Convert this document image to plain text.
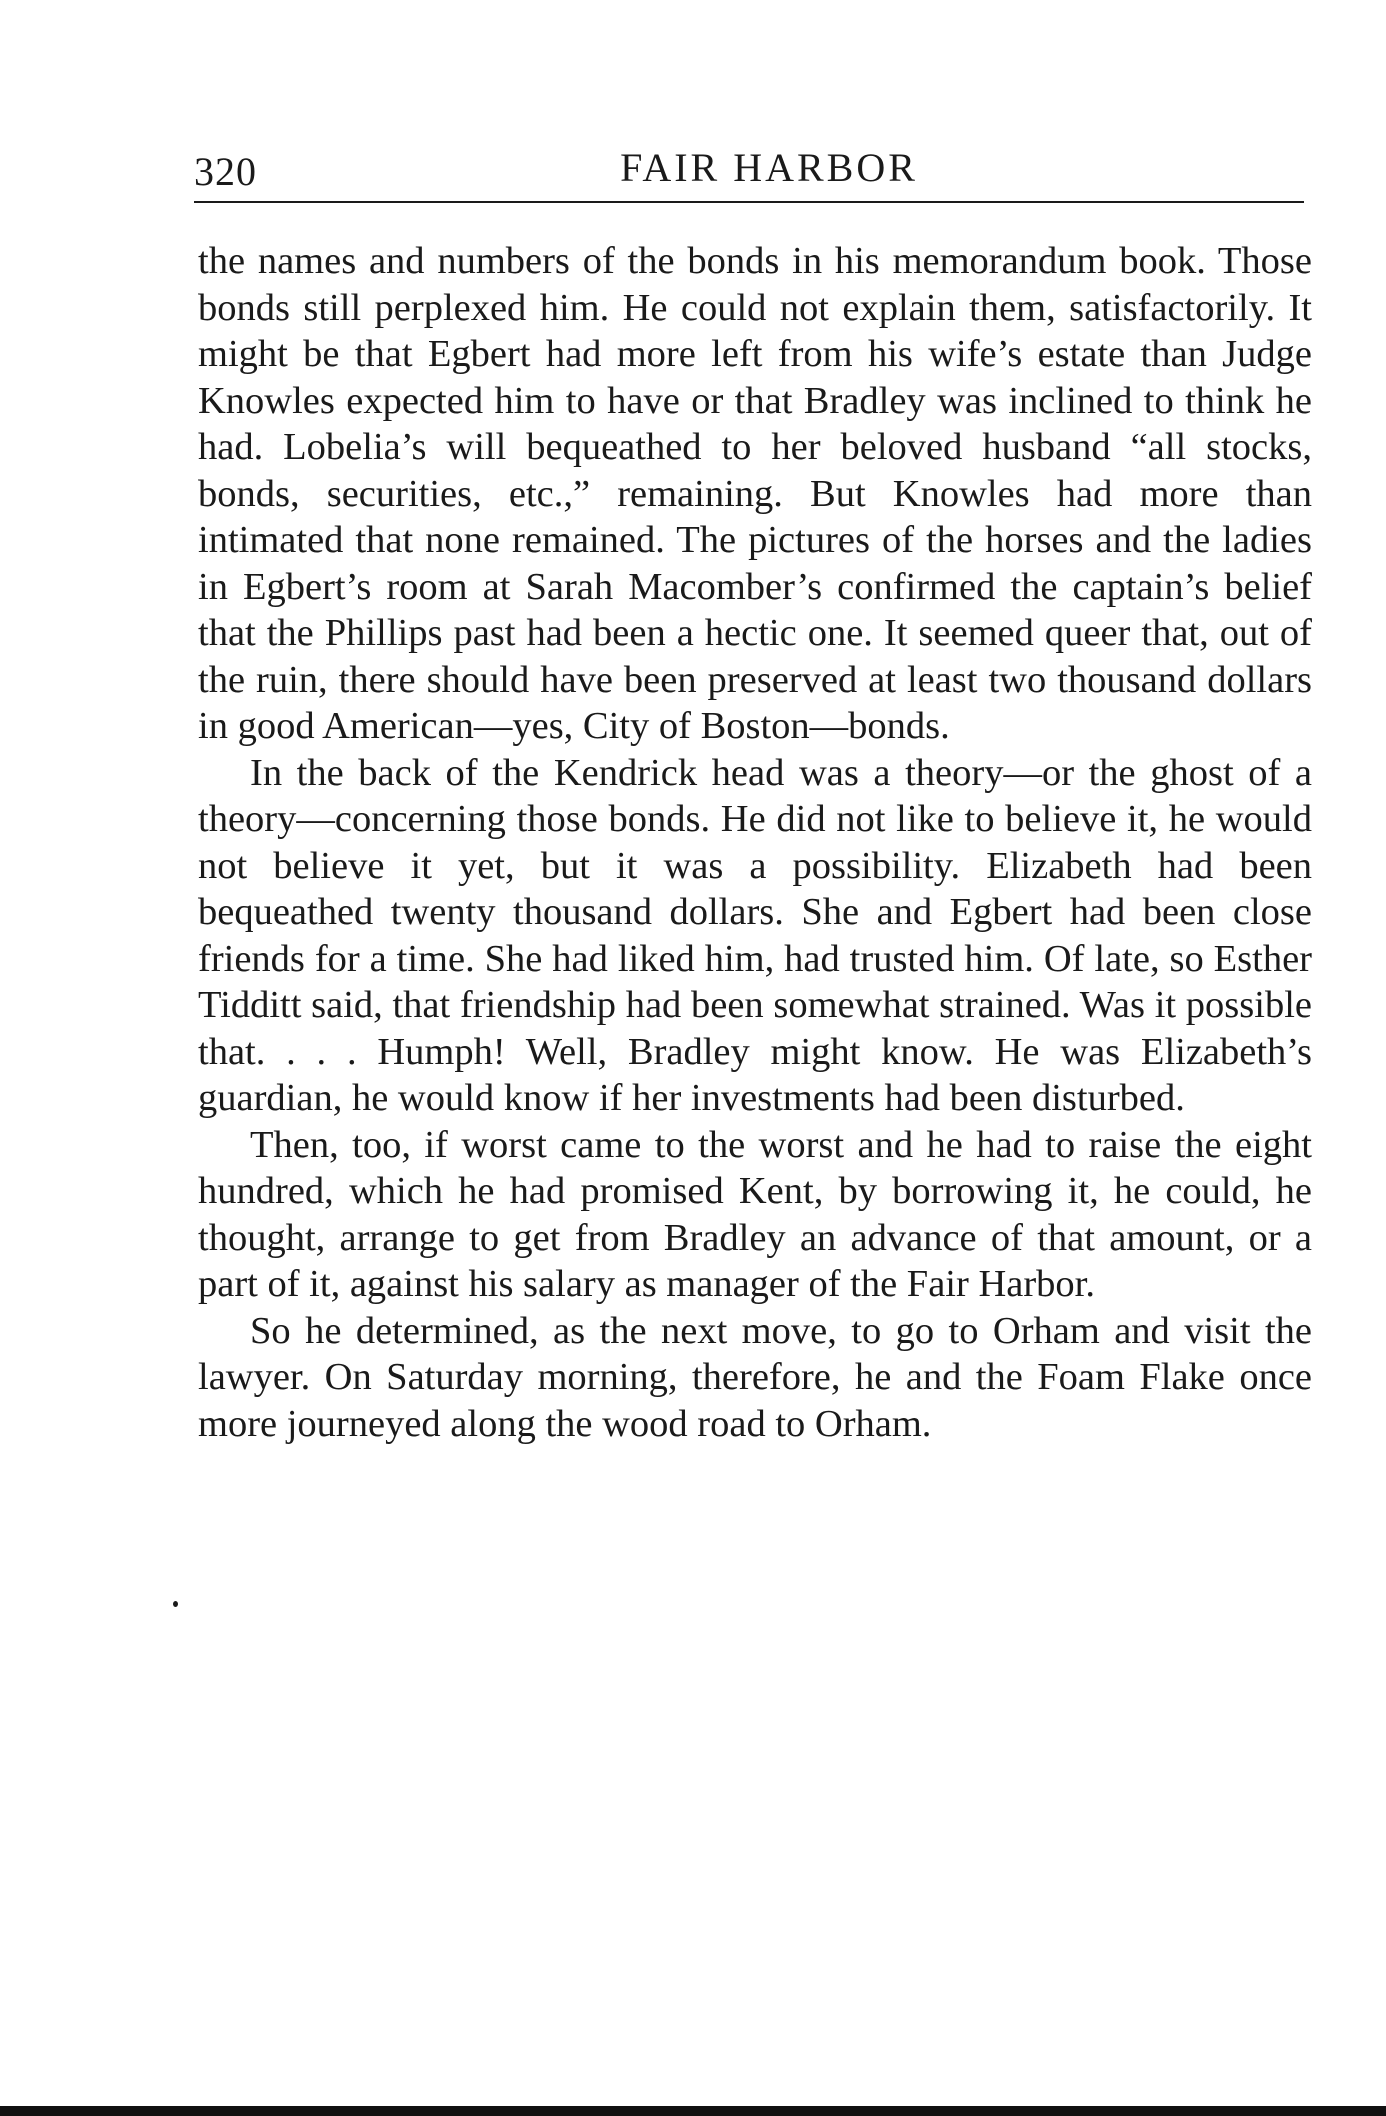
320	FAIR HARBOR

the names and numbers of the bonds in his memorandum book. Those bonds still perplexed him. He could not explain them, satisfactorily. It might be that Egbert had more left from his wife’s estate than Judge Knowles expected him to have or that Bradley was inclined to think he had. Lobelia’s will bequeathed to her beloved husband “all stocks, bonds, securities, etc.,” remaining. But Knowles had more than intimated that none remained. The pictures of the horses and the ladies in Egbert’s room at Sarah Macomber’s confirmed the captain’s belief that the Phillips past had been a hectic one. It seemed queer that, out of the ruin, there should have been preserved at least two thousand dollars in good American—yes, City of Boston—bonds.

In the back of the Kendrick head was a theory—or the ghost of a theory—concerning those bonds. He did not like to believe it, he would not believe it yet, but it was a possibility. Elizabeth had been bequeathed twenty thousand dollars. She and Egbert had been close friends for a time. She had liked him, had trusted him. Of late, so Esther Tidditt said, that friendship had been somewhat strained. Was it possible that. . . . Humph! Well, Bradley might know. He was Elizabeth’s guardian, he would know if her investments had been disturbed.

Then, too, if worst came to the worst and he had to raise the eight hundred, which he had promised Kent, by borrowing it, he could, he thought, arrange to get from Bradley an advance of that amount, or a part of it, against his salary as manager of the Fair Harbor.

So he determined, as the next move, to go to Orham and visit the lawyer. On Saturday morning, therefore, he and the Foam Flake once more journeyed along the wood road to Orham.
